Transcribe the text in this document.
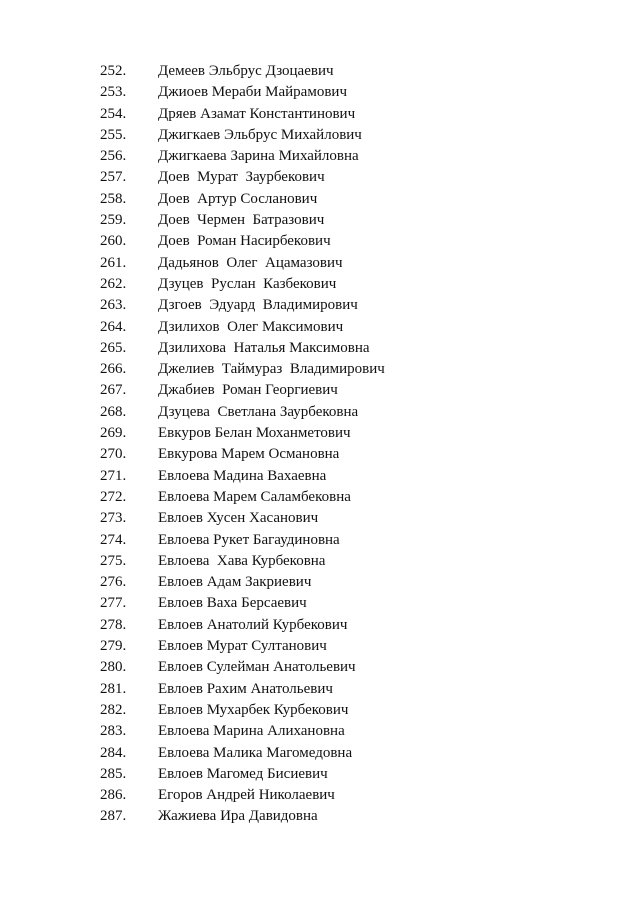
252.	Демеев Эльбрус Дзоцаевич
253.	Джиоев Мераби Майрамович
254.	Дряев Азамат Константинович
255.	Джигкаев Эльбрус Михайлович
256.	Джигкаева Зарина Михайловна
257.	Доев  Мурат  Заурбекович
258.	Доев  Артур Сосланович
259.	Доев  Чермен  Батразович
260.	Доев  Роман Насирбекович
261.	Дадьянов  Олег  Ацамазович
262.	Дзуцев  Руслан  Казбекович
263.	Дзгоев  Эдуард  Владимирович
264.	Дзилихов  Олег Максимович
265.	Дзилихова  Наталья Максимовна
266.	Джелиев  Таймураз  Владимирович
267.	Джабиев  Роман Георгиевич
268.	Дзуцева  Светлана Заурбековна
269.	Евкуров Белан Моханметович
270.	Евкурова Марем Османовна
271.	Евлоева Мадина Вахаевна
272.	Евлоева Марем Саламбековна
273.	Евлоев Хусен Хасанович
274.	Евлоева Рукет Багаудиновна
275.	Евлоева  Хава Курбековна
276.	Евлоев Адам Закриевич
277.	Евлоев Ваха Берсаевич
278.	Евлоев Анатолий Курбекович
279.	Евлоев Мурат Султанович
280.	Евлоев Сулейман Анатольевич
281.	Евлоев Рахим Анатольевич
282.	Евлоев Мухарбек Курбекович
283.	Евлоева Марина Алихановна
284.	Евлоева Малика Магомедовна
285.	Евлоев Магомед Бисиевич
286.	Егоров Андрей Николаевич
287.	Жажиева Ира Давидовна
